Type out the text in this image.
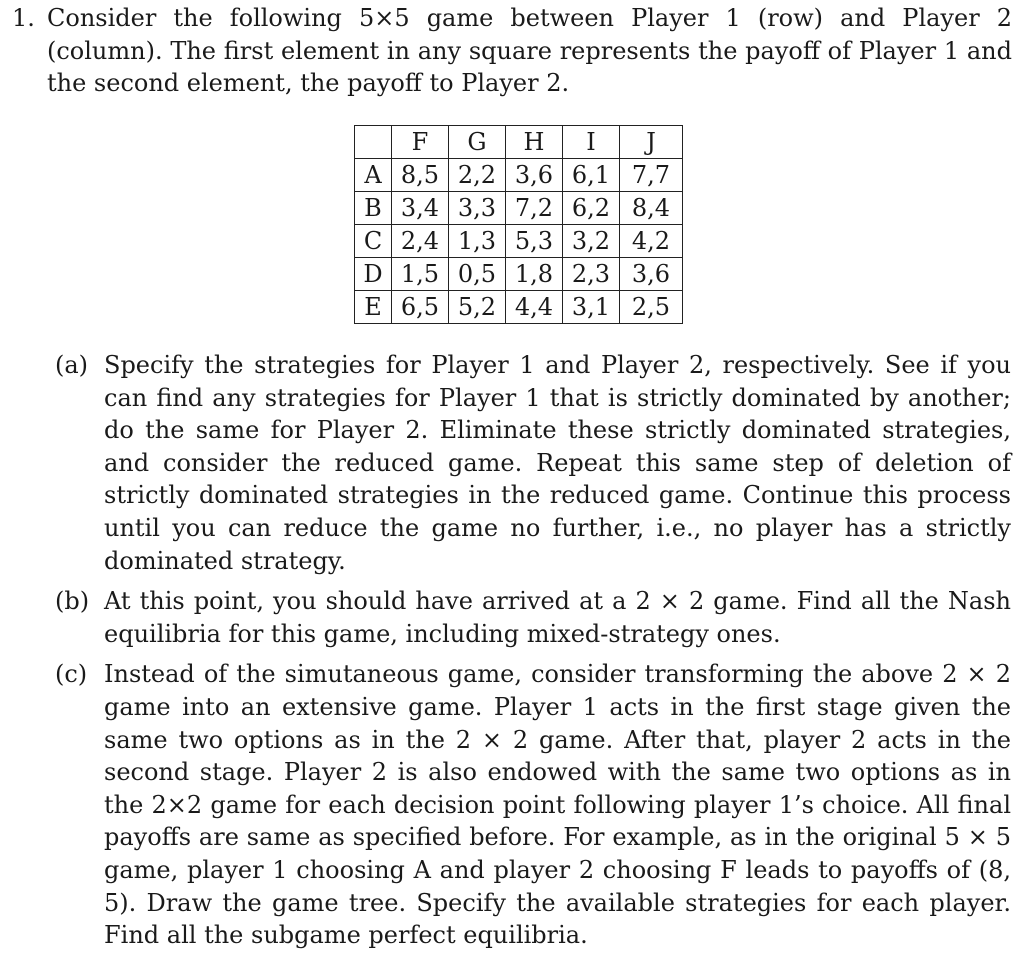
1. Consider the following 5×5 game between Player 1 (row) and Player 2 (column). The first element in any square represents the payoff of Player 1 and the second element, the payoff to Player 2.
	F	G	H	I	J
A	8,5	2,2	3,6	6,1	7,7
B	3,4	3,3	7,2	6,2	8,4
C	2,4	1,3	5,3	3,2	4,2
D	1,5	0,5	1,8	2,3	3,6
E	6,5	5,2	4,4	3,1	2,5
(a) Specify the strategies for Player 1 and Player 2, respectively. See if you can find any strategies for Player 1 that is strictly dominated by another; do the same for Player 2. Eliminate these strictly dominated strategies, and consider the reduced game. Repeat this same step of deletion of strictly dominated strategies in the reduced game. Continue this process until you can reduce the game no further, i.e., no player has a strictly dominated strategy.
(b) At this point, you should have arrived at a 2 × 2 game. Find all the Nash equilibria for this game, including mixed-strategy ones.
(c) Instead of the simutaneous game, consider transforming the above 2 × 2 game into an extensive game. Player 1 acts in the first stage given the same two options as in the 2 × 2 game. After that, player 2 acts in the second stage. Player 2 is also endowed with the same two options as in the 2×2 game for each decision point following player 1’s choice. All final payoffs are same as specified before. For example, as in the original 5 × 5 game, player 1 choosing A and player 2 choosing F leads to payoffs of (8, 5). Draw the game tree. Specify the available strategies for each player. Find all the subgame perfect equilibria.
